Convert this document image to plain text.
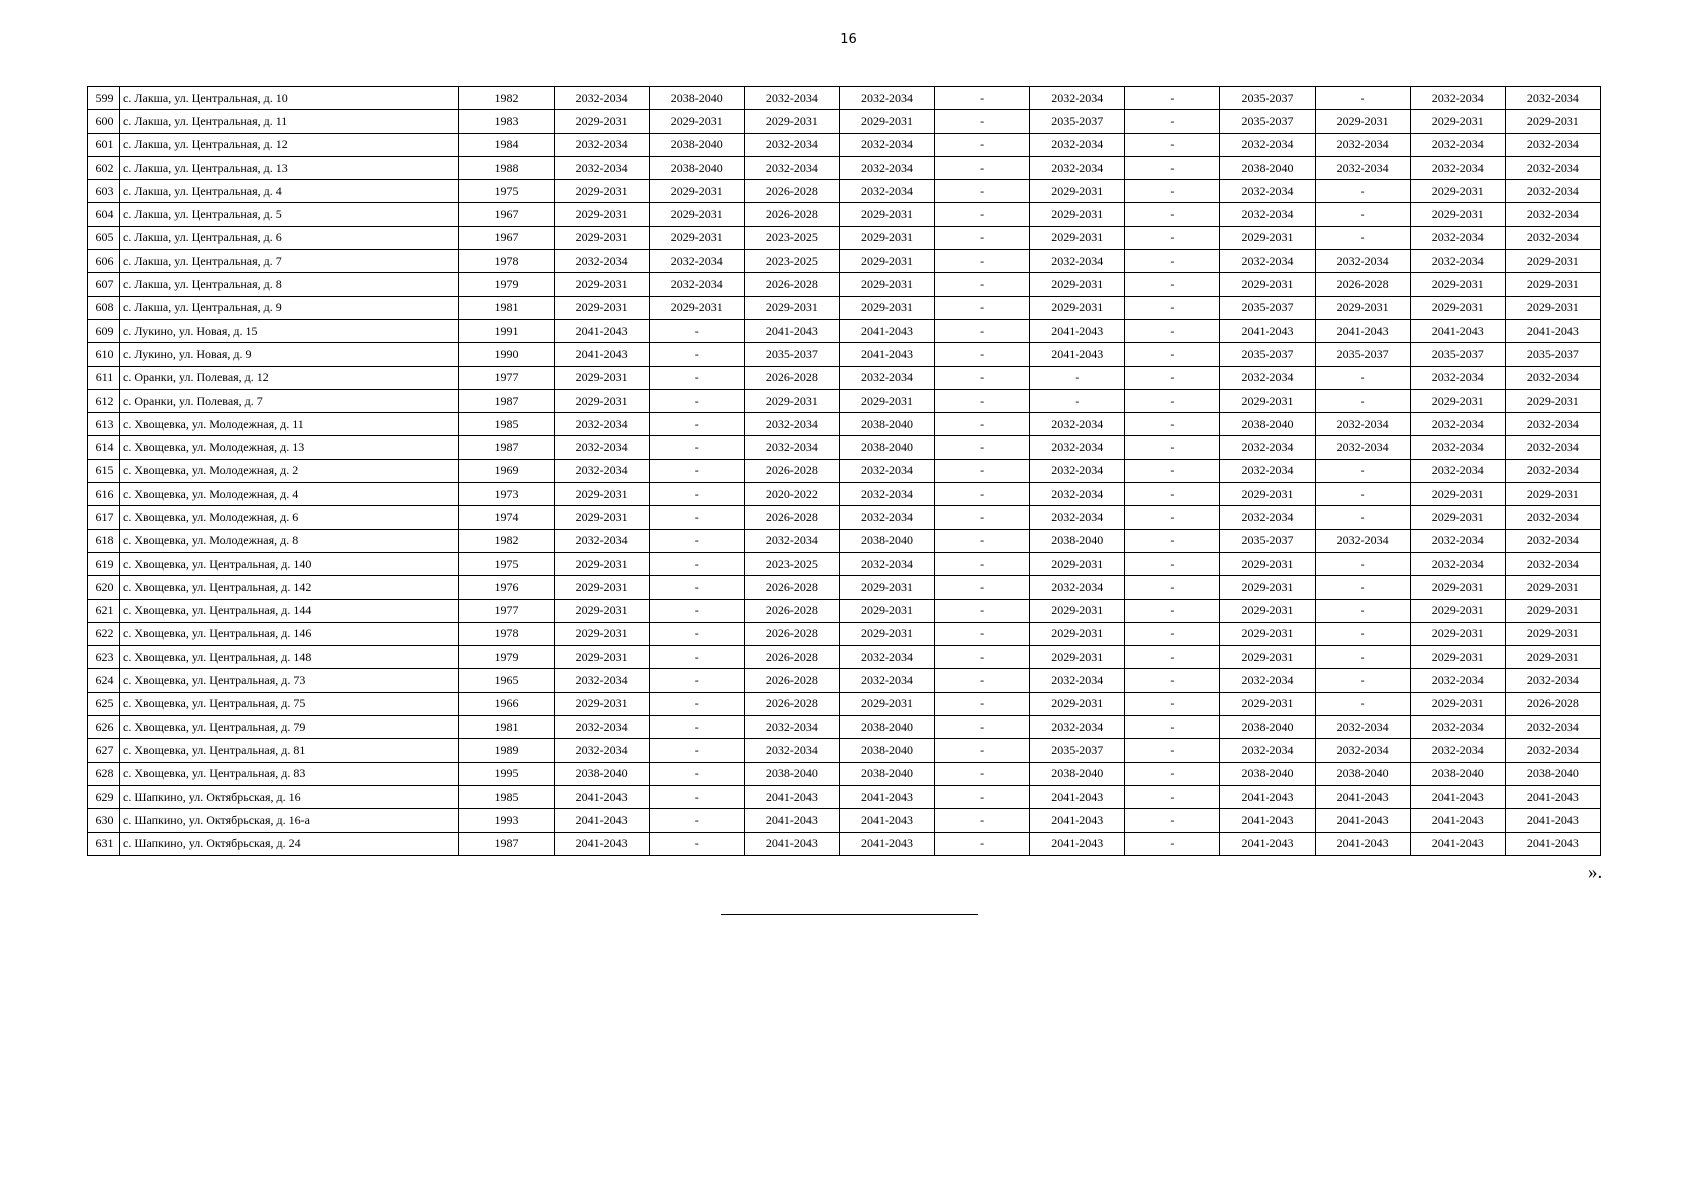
16
599	с. Лакша, ул. Центральная, д. 10	1982	2032-2034	2038-2040	2032-2034	2032-2034	-	2032-2034	-	2035-2037	-	2032-2034	2032-2034
600	с. Лакша, ул. Центральная, д. 11	1983	2029-2031	2029-2031	2029-2031	2029-2031	-	2035-2037	-	2035-2037	2029-2031	2029-2031	2029-2031
601	с. Лакша, ул. Центральная, д. 12	1984	2032-2034	2038-2040	2032-2034	2032-2034	-	2032-2034	-	2032-2034	2032-2034	2032-2034	2032-2034
602	с. Лакша, ул. Центральная, д. 13	1988	2032-2034	2038-2040	2032-2034	2032-2034	-	2032-2034	-	2038-2040	2032-2034	2032-2034	2032-2034
603	с. Лакша, ул. Центральная, д. 4	1975	2029-2031	2029-2031	2026-2028	2032-2034	-	2029-2031	-	2032-2034	-	2029-2031	2032-2034
604	с. Лакша, ул. Центральная, д. 5	1967	2029-2031	2029-2031	2026-2028	2029-2031	-	2029-2031	-	2032-2034	-	2029-2031	2032-2034
605	с. Лакша, ул. Центральная, д. 6	1967	2029-2031	2029-2031	2023-2025	2029-2031	-	2029-2031	-	2029-2031	-	2032-2034	2032-2034
606	с. Лакша, ул. Центральная, д. 7	1978	2032-2034	2032-2034	2023-2025	2029-2031	-	2032-2034	-	2032-2034	2032-2034	2032-2034	2029-2031
607	с. Лакша, ул. Центральная, д. 8	1979	2029-2031	2032-2034	2026-2028	2029-2031	-	2029-2031	-	2029-2031	2026-2028	2029-2031	2029-2031
608	с. Лакша, ул. Центральная, д. 9	1981	2029-2031	2029-2031	2029-2031	2029-2031	-	2029-2031	-	2035-2037	2029-2031	2029-2031	2029-2031
609	с. Лукино, ул. Новая, д. 15	1991	2041-2043	-	2041-2043	2041-2043	-	2041-2043	-	2041-2043	2041-2043	2041-2043	2041-2043
610	с. Лукино, ул. Новая, д. 9	1990	2041-2043	-	2035-2037	2041-2043	-	2041-2043	-	2035-2037	2035-2037	2035-2037	2035-2037
611	с. Оранки, ул. Полевая, д. 12	1977	2029-2031	-	2026-2028	2032-2034	-	-	-	2032-2034	-	2032-2034	2032-2034
612	с. Оранки, ул. Полевая, д. 7	1987	2029-2031	-	2029-2031	2029-2031	-	-	-	2029-2031	-	2029-2031	2029-2031
613	с. Хвощевка, ул. Молодежная, д. 11	1985	2032-2034	-	2032-2034	2038-2040	-	2032-2034	-	2038-2040	2032-2034	2032-2034	2032-2034
614	с. Хвощевка, ул. Молодежная, д. 13	1987	2032-2034	-	2032-2034	2038-2040	-	2032-2034	-	2032-2034	2032-2034	2032-2034	2032-2034
615	с. Хвощевка, ул. Молодежная, д. 2	1969	2032-2034	-	2026-2028	2032-2034	-	2032-2034	-	2032-2034	-	2032-2034	2032-2034
616	с. Хвощевка, ул. Молодежная, д. 4	1973	2029-2031	-	2020-2022	2032-2034	-	2032-2034	-	2029-2031	-	2029-2031	2029-2031
617	с. Хвощевка, ул. Молодежная, д. 6	1974	2029-2031	-	2026-2028	2032-2034	-	2032-2034	-	2032-2034	-	2029-2031	2032-2034
618	с. Хвощевка, ул. Молодежная, д. 8	1982	2032-2034	-	2032-2034	2038-2040	-	2038-2040	-	2035-2037	2032-2034	2032-2034	2032-2034
619	с. Хвощевка, ул. Центральная, д. 140	1975	2029-2031	-	2023-2025	2032-2034	-	2029-2031	-	2029-2031	-	2032-2034	2032-2034
620	с. Хвощевка, ул. Центральная, д. 142	1976	2029-2031	-	2026-2028	2029-2031	-	2032-2034	-	2029-2031	-	2029-2031	2029-2031
621	с. Хвощевка, ул. Центральная, д. 144	1977	2029-2031	-	2026-2028	2029-2031	-	2029-2031	-	2029-2031	-	2029-2031	2029-2031
622	с. Хвощевка, ул. Центральная, д. 146	1978	2029-2031	-	2026-2028	2029-2031	-	2029-2031	-	2029-2031	-	2029-2031	2029-2031
623	с. Хвощевка, ул. Центральная, д. 148	1979	2029-2031	-	2026-2028	2032-2034	-	2029-2031	-	2029-2031	-	2029-2031	2029-2031
624	с. Хвощевка, ул. Центральная, д. 73	1965	2032-2034	-	2026-2028	2032-2034	-	2032-2034	-	2032-2034	-	2032-2034	2032-2034
625	с. Хвощевка, ул. Центральная, д. 75	1966	2029-2031	-	2026-2028	2029-2031	-	2029-2031	-	2029-2031	-	2029-2031	2026-2028
626	с. Хвощевка, ул. Центральная, д. 79	1981	2032-2034	-	2032-2034	2038-2040	-	2032-2034	-	2038-2040	2032-2034	2032-2034	2032-2034
627	с. Хвощевка, ул. Центральная, д. 81	1989	2032-2034	-	2032-2034	2038-2040	-	2035-2037	-	2032-2034	2032-2034	2032-2034	2032-2034
628	с. Хвощевка, ул. Центральная, д. 83	1995	2038-2040	-	2038-2040	2038-2040	-	2038-2040	-	2038-2040	2038-2040	2038-2040	2038-2040
629	с. Шапкино, ул. Октябрьская, д. 16	1985	2041-2043	-	2041-2043	2041-2043	-	2041-2043	-	2041-2043	2041-2043	2041-2043	2041-2043
630	с. Шапкино, ул. Октябрьская, д. 16-а	1993	2041-2043	-	2041-2043	2041-2043	-	2041-2043	-	2041-2043	2041-2043	2041-2043	2041-2043
631	с. Шапкино, ул. Октябрьская, д. 24	1987	2041-2043	-	2041-2043	2041-2043	-	2041-2043	-	2041-2043	2041-2043	2041-2043	2041-2043
».
